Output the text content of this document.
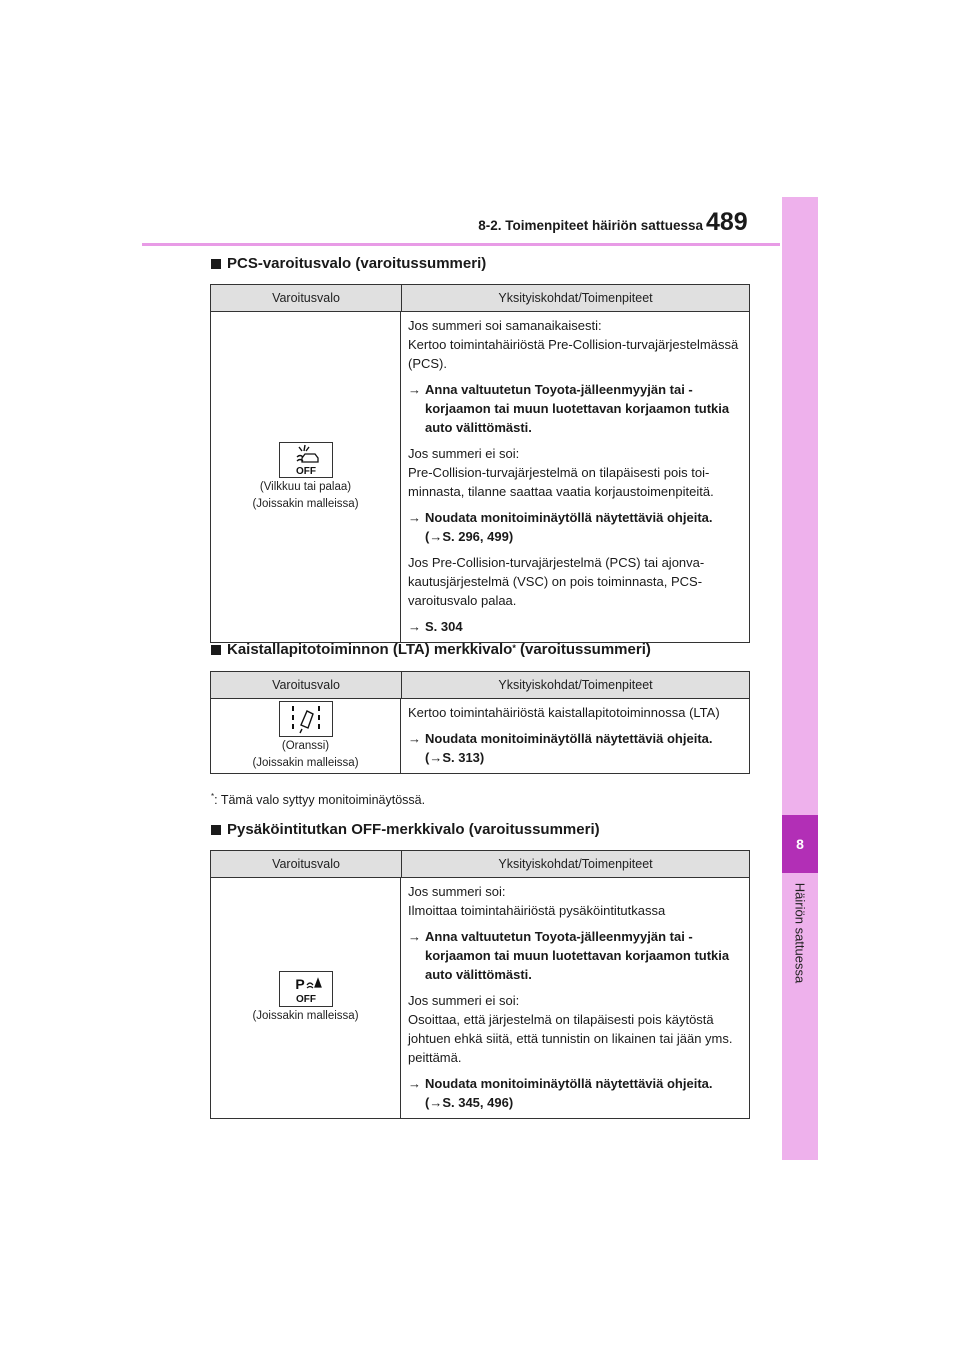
8-2. Toimenpiteet häiriön sattuessa 489
8
Häiriön sattuessa
PCS-varoitusvalo (varoitussummeri)
Varoitusvalo	Yksityiskohdat/Toimenpiteet
OFF
(Vilkkuu tai palaa)
(Joissakin malleissa)
Jos summeri soi samanaikaisesti:
Kertoo toimintahäiriöstä Pre-Collision-turvajärjestelmässä (PCS).
→ Anna valtuutetun Toyota-jälleenmyyjän tai -korjaamon tai muun luotettavan korjaamon tutkia auto välittömästi.
Jos summeri ei soi:
Pre-Collision-turvajärjestelmä on tilapäisesti pois toiminnasta, tilanne saattaa vaatia korjaustoimenpiteitä.
→ Noudata monitoiminäytöllä näytettäviä ohjeita.
(→S. 296, 499)
Jos Pre-Collision-turvajärjestelmä (PCS) tai ajonvakautusjärjestelmä (VSC) on pois toiminnasta, PCS-varoitusvalo palaa.
→ S. 304
Kaistallapitotoiminnon (LTA) merkkivalo* (varoitussummeri)
Varoitusvalo	Yksityiskohdat/Toimenpiteet
(Oranssi)
(Joissakin malleissa)
Kertoo toimintahäiriöstä kaistallapitotoiminnossa (LTA)
→ Noudata monitoiminäytöllä näytettäviä ohjeita.
(→S. 313)
*: Tämä valo syttyy monitoiminäytössä.
Pysäköintitutkan OFF-merkkivalo (varoitussummeri)
Varoitusvalo	Yksityiskohdat/Toimenpiteet
P
OFF
(Joissakin malleissa)
Jos summeri soi:
Ilmoittaa toimintahäiriöstä pysäköintitutkassa
→ Anna valtuutetun Toyota-jälleenmyyjän tai -korjaamon tai muun luotettavan korjaamon tutkia auto välittömästi.
Jos summeri ei soi:
Osoittaa, että järjestelmä on tilapäisesti pois käytöstä johtuen ehkä siitä, että tunnistin on likainen tai jään yms. peittämä.
→ Noudata monitoiminäytöllä näytettäviä ohjeita.
(→S. 345, 496)
